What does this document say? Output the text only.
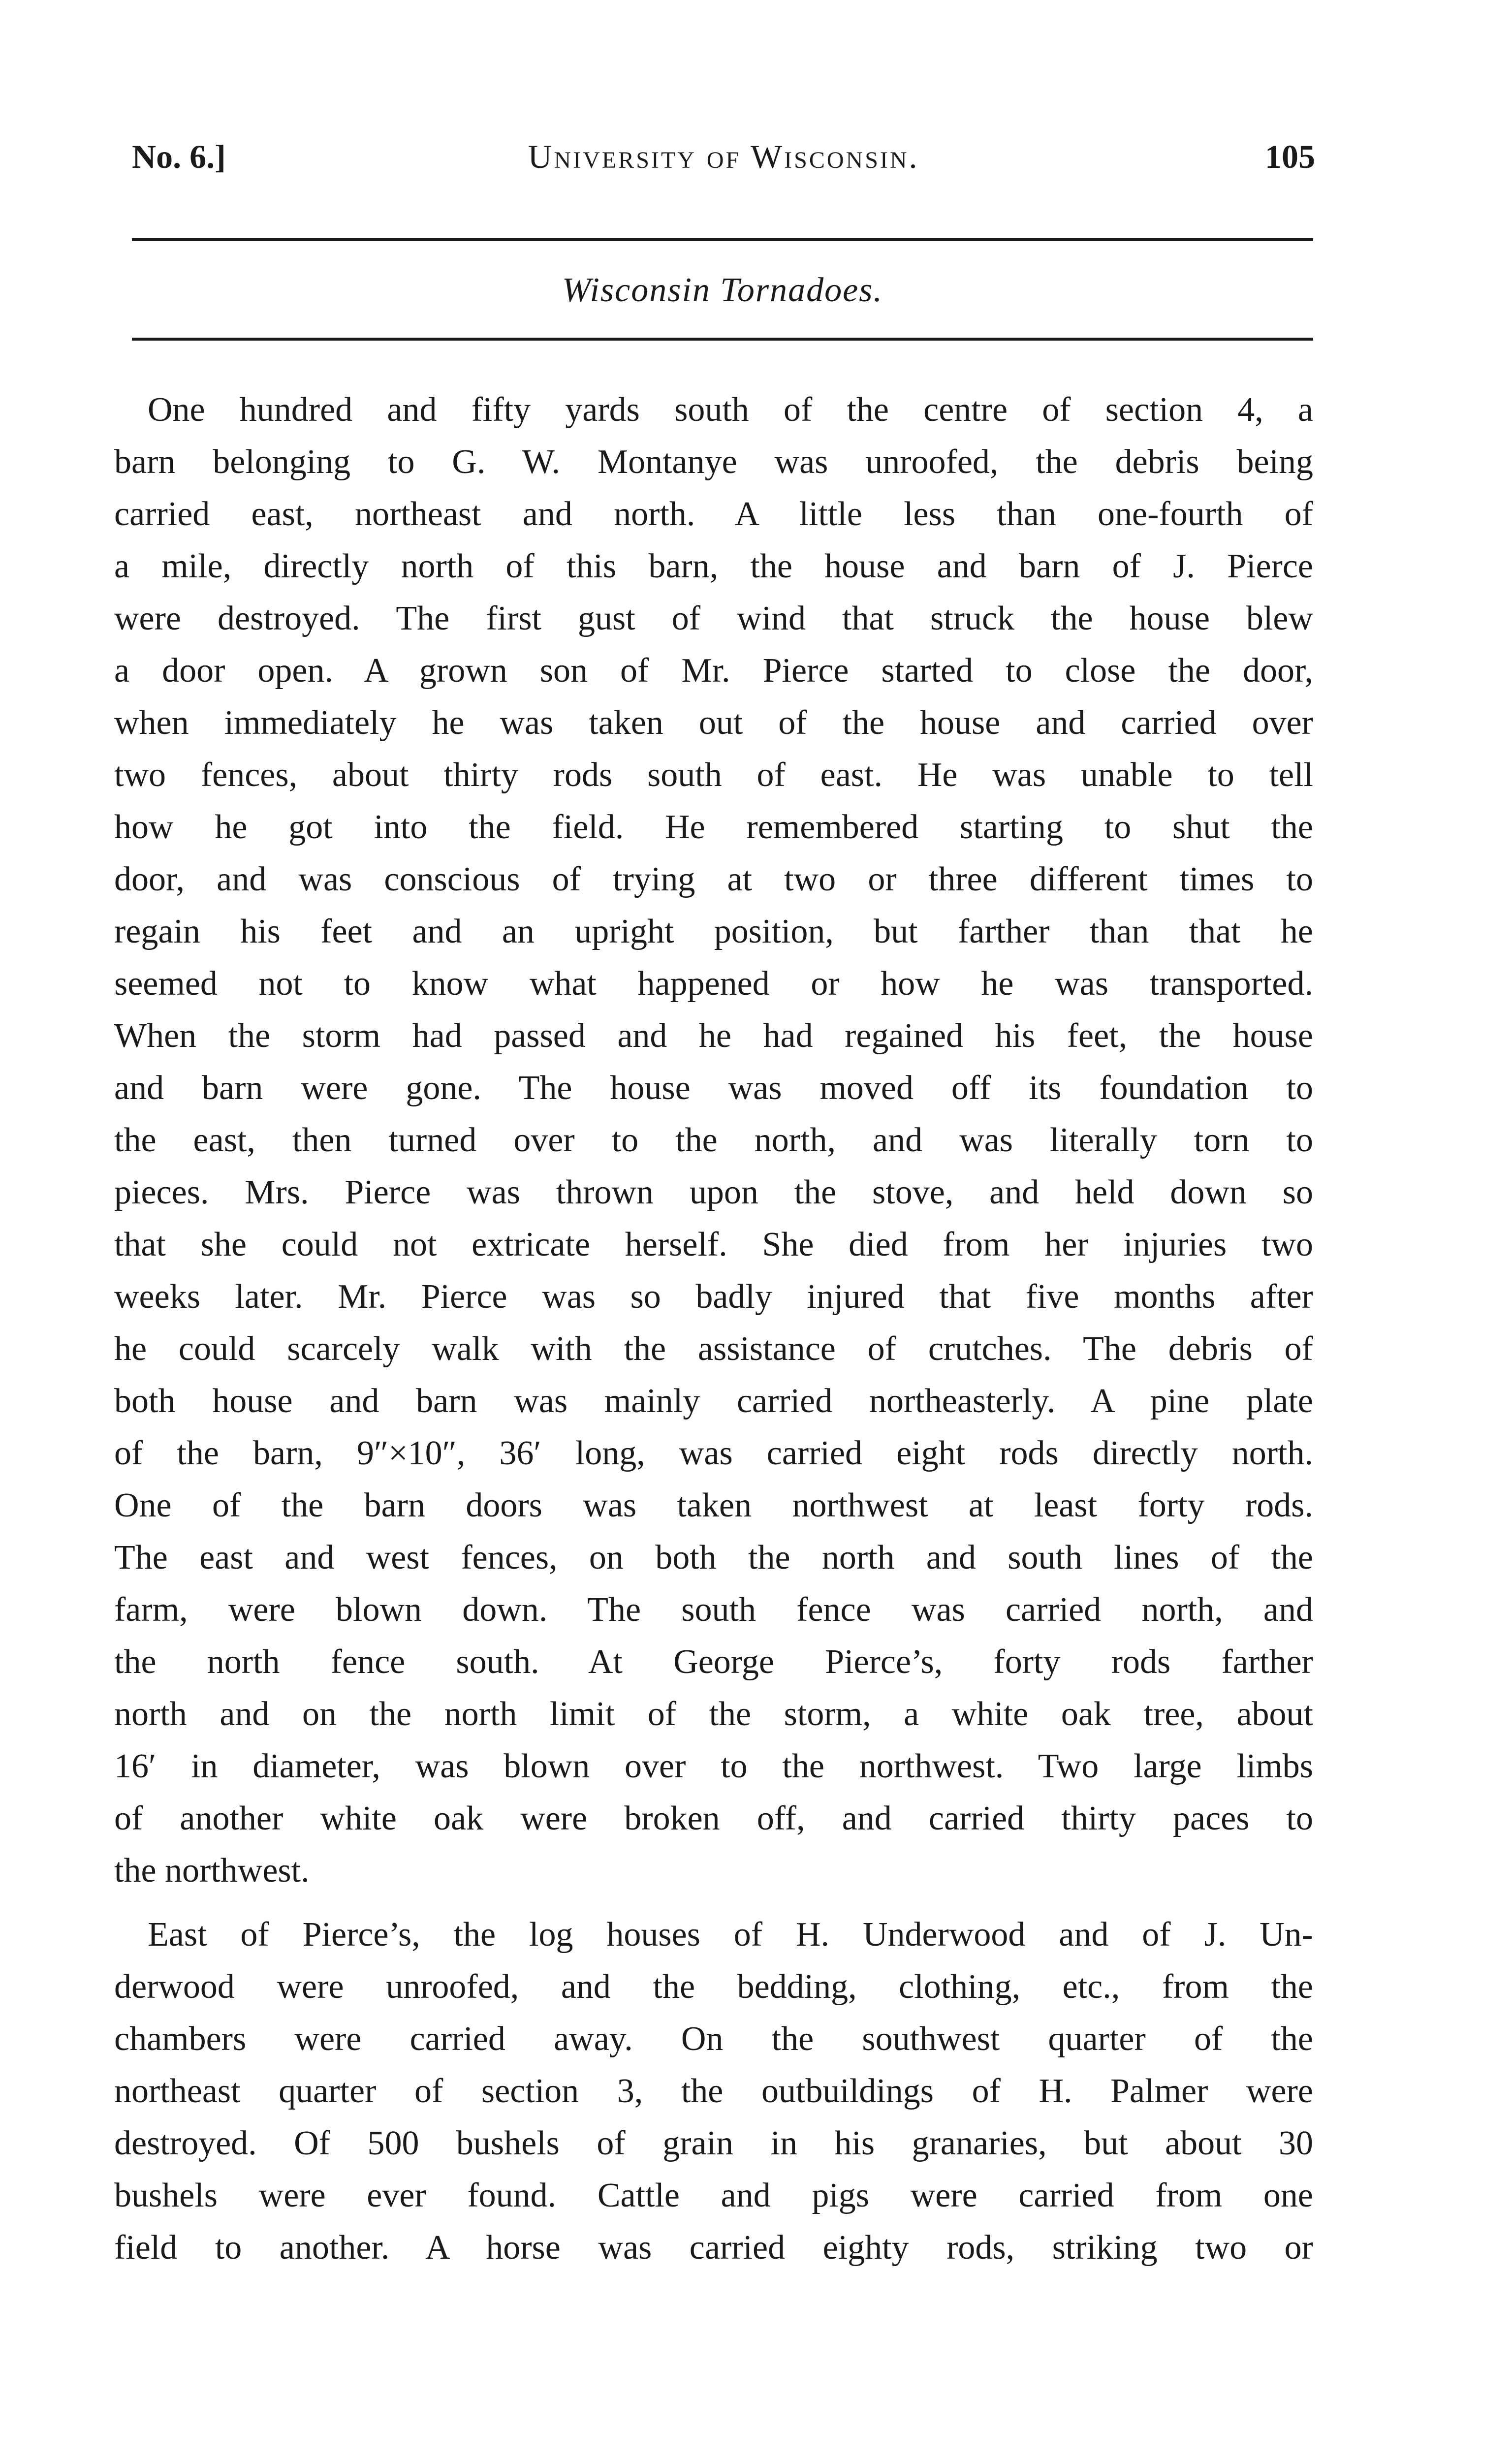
No. 6.]	University of Wisconsin.	105
Wisconsin Tornadoes.
One hundred and fifty yards south of the centre of section 4, a
barn belonging to G. W. Montanye was unroofed, the debris being
carried east, northeast and north. A little less than one-fourth of
a mile, directly north of this barn, the house and barn of J. Pierce
were destroyed. The first gust of wind that struck the house blew
a door open. A grown son of Mr. Pierce started to close the door,
when immediately he was taken out of the house and carried over
two fences, about thirty rods south of east. He was unable to tell
how he got into the field. He remembered starting to shut the
door, and was conscious of trying at two or three different times to
regain his feet and an upright position, but farther than that he
seemed not to know what happened or how he was transported.
When the storm had passed and he had regained his feet, the house
and barn were gone. The house was moved off its foundation to
the east, then turned over to the north, and was literally torn to
pieces. Mrs. Pierce was thrown upon the stove, and held down so
that she could not extricate herself. She died from her injuries two
weeks later. Mr. Pierce was so badly injured that five months after
he could scarcely walk with the assistance of crutches. The debris of
both house and barn was mainly carried northeasterly. A pine plate
of the barn, 9″×10″, 36′ long, was carried eight rods directly north.
One of the barn doors was taken northwest at least forty rods.
The east and west fences, on both the north and south lines of the
farm, were blown down. The south fence was carried north, and
the north fence south. At George Pierce’s, forty rods farther
north and on the north limit of the storm, a white oak tree, about
16′ in diameter, was blown over to the northwest. Two large limbs
of another white oak were broken off, and carried thirty paces to
the northwest.
East of Pierce’s, the log houses of H. Underwood and of J. Un-
derwood were unroofed, and the bedding, clothing, etc., from the
chambers were carried away. On the southwest quarter of the
northeast quarter of section 3, the outbuildings of H. Palmer were
destroyed. Of 500 bushels of grain in his granaries, but about 30
bushels were ever found. Cattle and pigs were carried from one
field to another. A horse was carried eighty rods, striking two or
